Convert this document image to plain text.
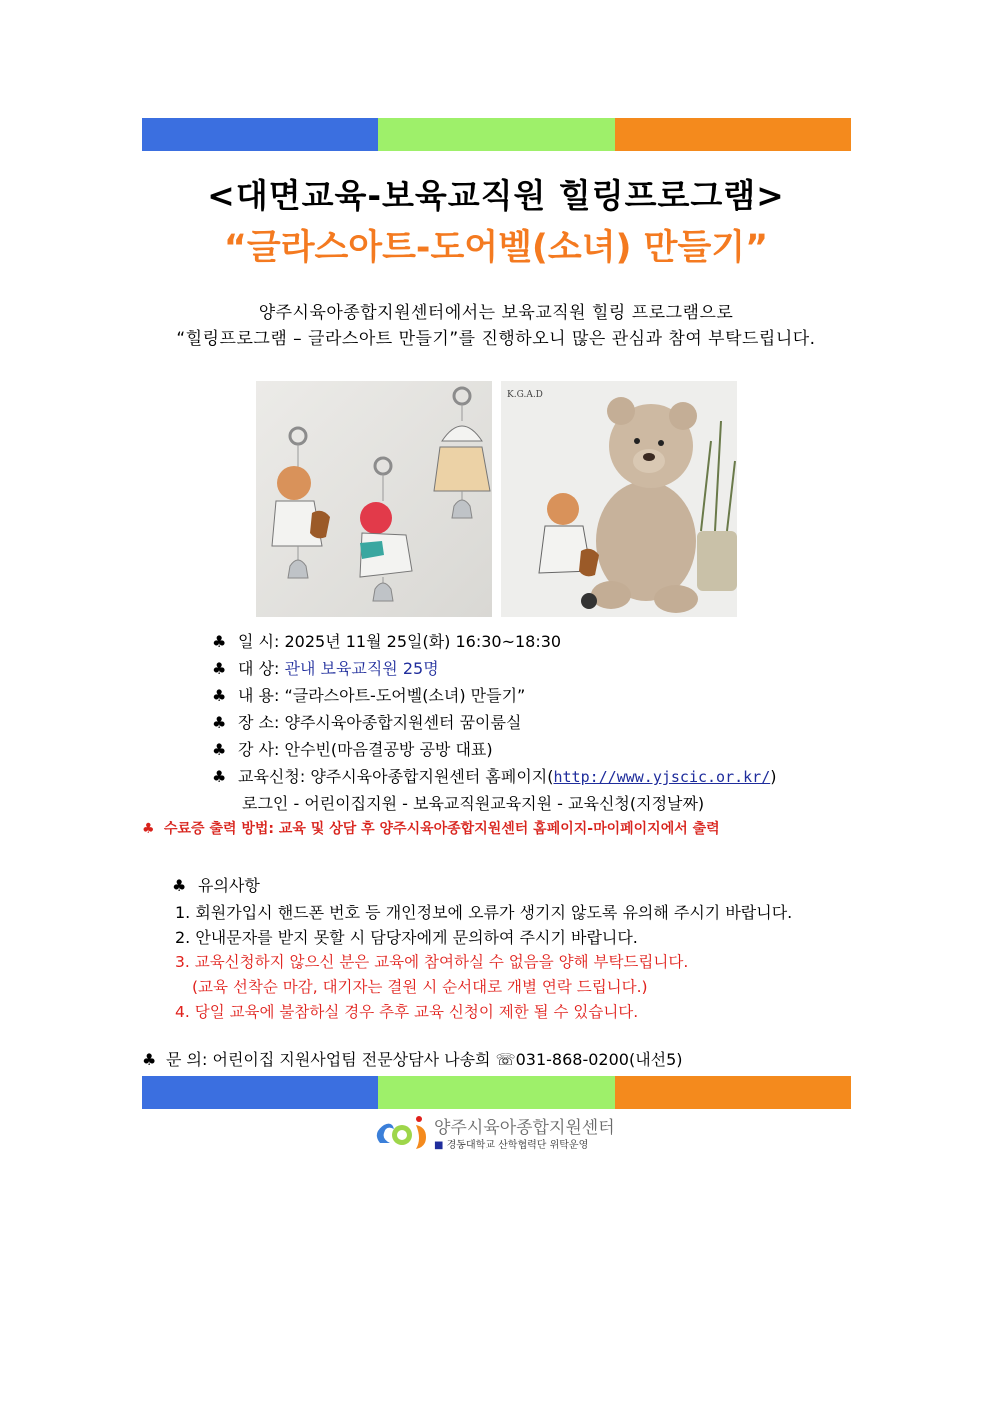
<대면교육-보육교직원 힐링프로그램>
“글라스아트-도어벨(소녀) 만들기”
양주시육아종합지원센터에서는 보육교직원 힐링 프로그램으로
“힐링프로그램 – 글라스아트 만들기”를 진행하오니 많은 관심과 참여 부탁드립니다.
K.G.A.D
♣ 일 시: 2025년 11월 25일(화) 16:30~18:30
♣ 대 상: 관내 보육교직원 25명
♣ 내 용: “글라스아트-도어벨(소녀) 만들기”
♣ 장 소: 양주시육아종합지원센터 꿈이룸실
♣ 강 사: 안수빈(마음결공방 공방 대표)
♣ 교육신청: 양주시육아종합지원센터 홈페이지(http://www.yjscic.or.kr/)
로그인 - 어린이집지원 - 보육교직원교육지원 - 교육신청(지정날짜)
♣ 수료증 출력 방법: 교육 및 상담 후 양주시육아종합지원센터 홈페이지-마이페이지에서 출력
♣ 유의사항
1. 회원가입시 핸드폰 번호 등 개인정보에 오류가 생기지 않도록 유의해 주시기 바랍니다.
2. 안내문자를 받지 못할 시 담당자에게 문의하여 주시기 바랍니다.
3. 교육신청하지 않으신 분은 교육에 참여하실 수 없음을 양해 부탁드립니다.
(교육 선착순 마감, 대기자는 결원 시 순서대로 개별 연락 드립니다.)
4. 당일 교육에 불참하실 경우 추후 교육 신청이 제한 될 수 있습니다.
♣ 문 의: 어린이집 지원사업팀 전문상담사 나송희 ☏031-868-0200(내선5)
양주시육아종합지원센터
■ 경동대학교 산학협력단 위탁운영
